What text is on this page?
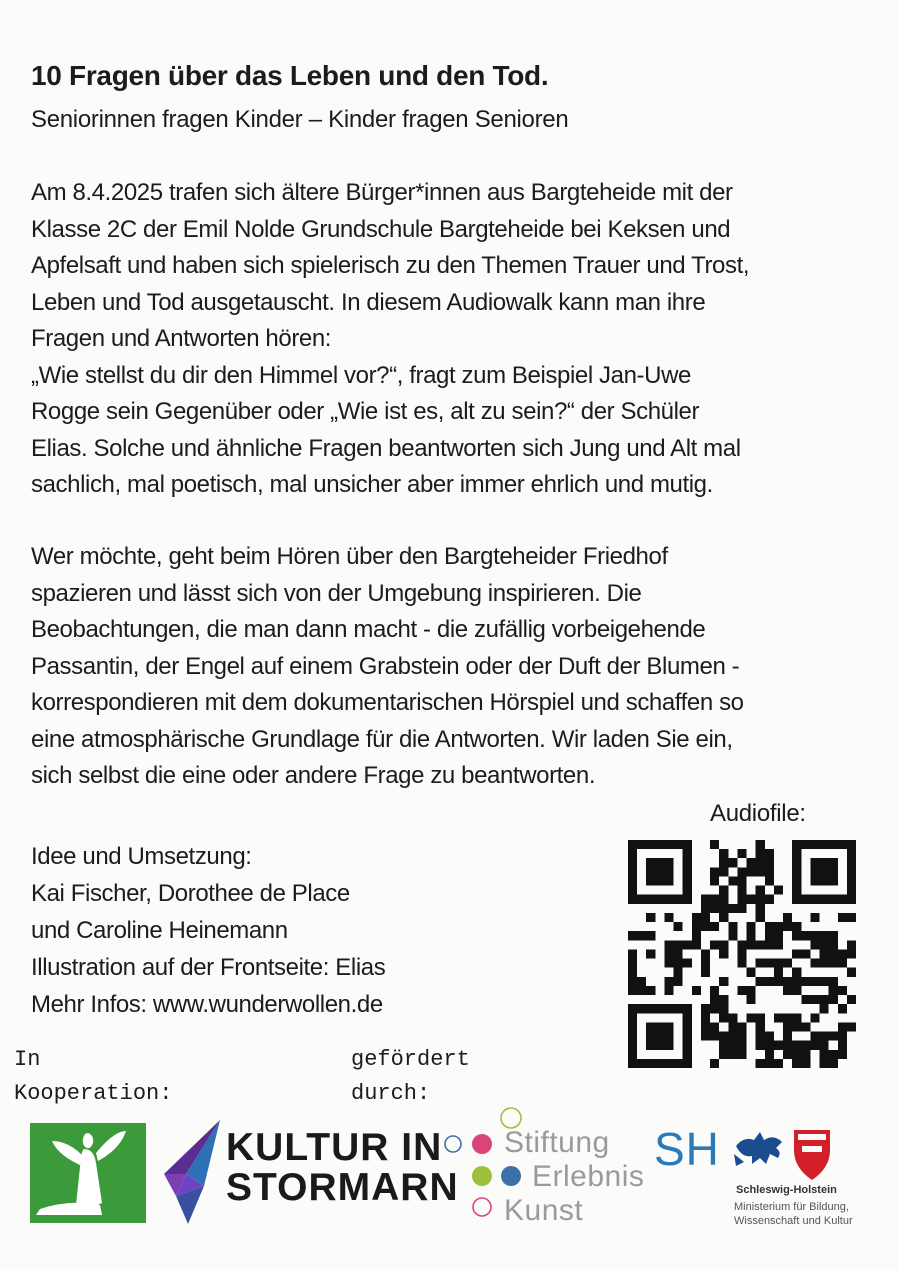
10 Fragen über das Leben und den Tod.
Seniorinnen fragen Kinder – Kinder fragen Senioren

Am 8.4.2025 trafen sich ältere Bürger*innen aus Bargteheide mit der
Klasse 2C der Emil Nolde Grundschule Bargteheide bei Keksen und
Apfelsaft und haben sich spielerisch zu den Themen Trauer und Trost,
Leben und Tod ausgetauscht. In diesem Audiowalk kann man ihre
Fragen und Antworten hören:
„Wie stellst du dir den Himmel vor?“, fragt zum Beispiel Jan-Uwe
Rogge sein Gegenüber oder „Wie ist es, alt zu sein?“ der Schüler
Elias. Solche und ähnliche Fragen beantworten sich Jung und Alt mal
sachlich, mal poetisch, mal unsicher aber immer ehrlich und mutig.

Wer möchte, geht beim Hören über den Bargteheider Friedhof
spazieren und lässt sich von der Umgebung inspirieren. Die
Beobachtungen, die man dann macht - die zufällig vorbeigehende
Passantin, der Engel auf einem Grabstein oder der Duft der Blumen -
korrespondieren mit dem dokumentarischen Hörspiel und schaffen so
eine atmosphärische Grundlage für die Antworten. Wir laden Sie ein,
sich selbst die eine oder andere Frage zu beantworten.

Audiofile:

Idee und Umsetzung:
Kai Fischer, Dorothee de Place
und Caroline Heinemann
Illustration auf der Frontseite: Elias
Mehr Infos: www.wunderwollen.de

In
Kooperation:
gefördert
durch:
KULTUR IN
STORMARN
Stiftung
Erlebnis
Kunst
SH
Schleswig-Holstein
Ministerium für Bildung,
Wissenschaft und Kultur
